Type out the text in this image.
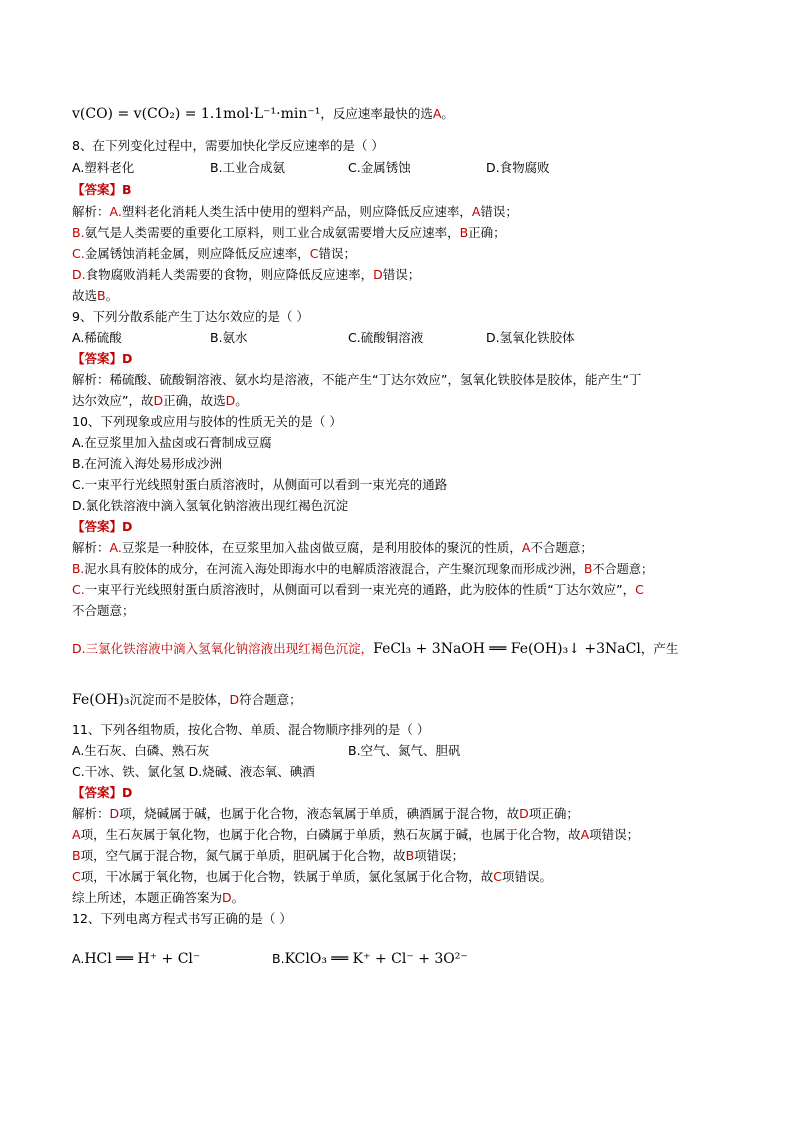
v(CO) = v(CO₂) = 1.1mol·L⁻¹·min⁻¹，反应速率最快的选A。
8、在下列变化过程中，需要加快化学反应速率的是（ ）
A.塑料老化	B.工业合成氨	C.金属锈蚀	D.食物腐败
【答案】B
解析：A.塑料老化消耗人类生活中使用的塑料产品，则应降低反应速率，A错误；
B.氨气是人类需要的重要化工原料，则工业合成氨需要增大反应速率，B正确；
C.金属锈蚀消耗金属，则应降低反应速率，C错误；
D.食物腐败消耗人类需要的食物，则应降低反应速率，D错误；
故选B。
9、下列分散系能产生丁达尔效应的是（ ）
A.稀硫酸	B.氨水	C.硫酸铜溶液	D.氢氧化铁胶体
【答案】D
解析：稀硫酸、硫酸铜溶液、氨水均是溶液，不能产生“丁达尔效应”，氢氧化铁胶体是胶体，能产生“丁
达尔效应”，故D正确，故选D。
10、下列现象或应用与胶体的性质无关的是（ ）
A.在豆浆里加入盐卤或石膏制成豆腐
B.在河流入海处易形成沙洲
C.一束平行光线照射蛋白质溶液时，从侧面可以看到一束光亮的通路
D.氯化铁溶液中滴入氢氧化钠溶液出现红褐色沉淀
【答案】D
解析：A.豆浆是一种胶体，在豆浆里加入盐卤做豆腐，是利用胶体的聚沉的性质，A不合题意；
B.泥水具有胶体的成分，在河流入海处即海水中的电解质溶液混合，产生聚沉现象而形成沙洲，B不合题意；
C.一束平行光线照射蛋白质溶液时，从侧面可以看到一束光亮的通路，此为胶体的性质“丁达尔效应”，C
不合题意；
D.三氯化铁溶液中滴入氢氧化钠溶液出现红褐色沉淀，FeCl₃ + 3NaOH ══ Fe(OH)₃↓ +3NaCl，产生
Fe(OH)₃沉淀而不是胶体，D符合题意；
11、下列各组物质，按化合物、单质、混合物顺序排列的是（ ）
A.生石灰、白磷、熟石灰	B.空气、氮气、胆矾
C.干冰、铁、氯化氢 D.烧碱、液态氧、碘酒
【答案】D
解析：D项，烧碱属于碱，也属于化合物，液态氧属于单质，碘酒属于混合物，故D项正确；
A项，生石灰属于氧化物，也属于化合物，白磷属于单质，熟石灰属于碱，也属于化合物，故A项错误；
B项，空气属于混合物，氮气属于单质，胆矾属于化合物，故B项错误；
C项，干冰属于氧化物，也属于化合物，铁属于单质，氯化氢属于化合物，故C项错误。
综上所述，本题正确答案为D。
12、下列电离方程式书写正确的是（ ）
A.HCl ══ H⁺ + Cl⁻	B.KClO₃ ══ K⁺ + Cl⁻ + 3O²⁻
